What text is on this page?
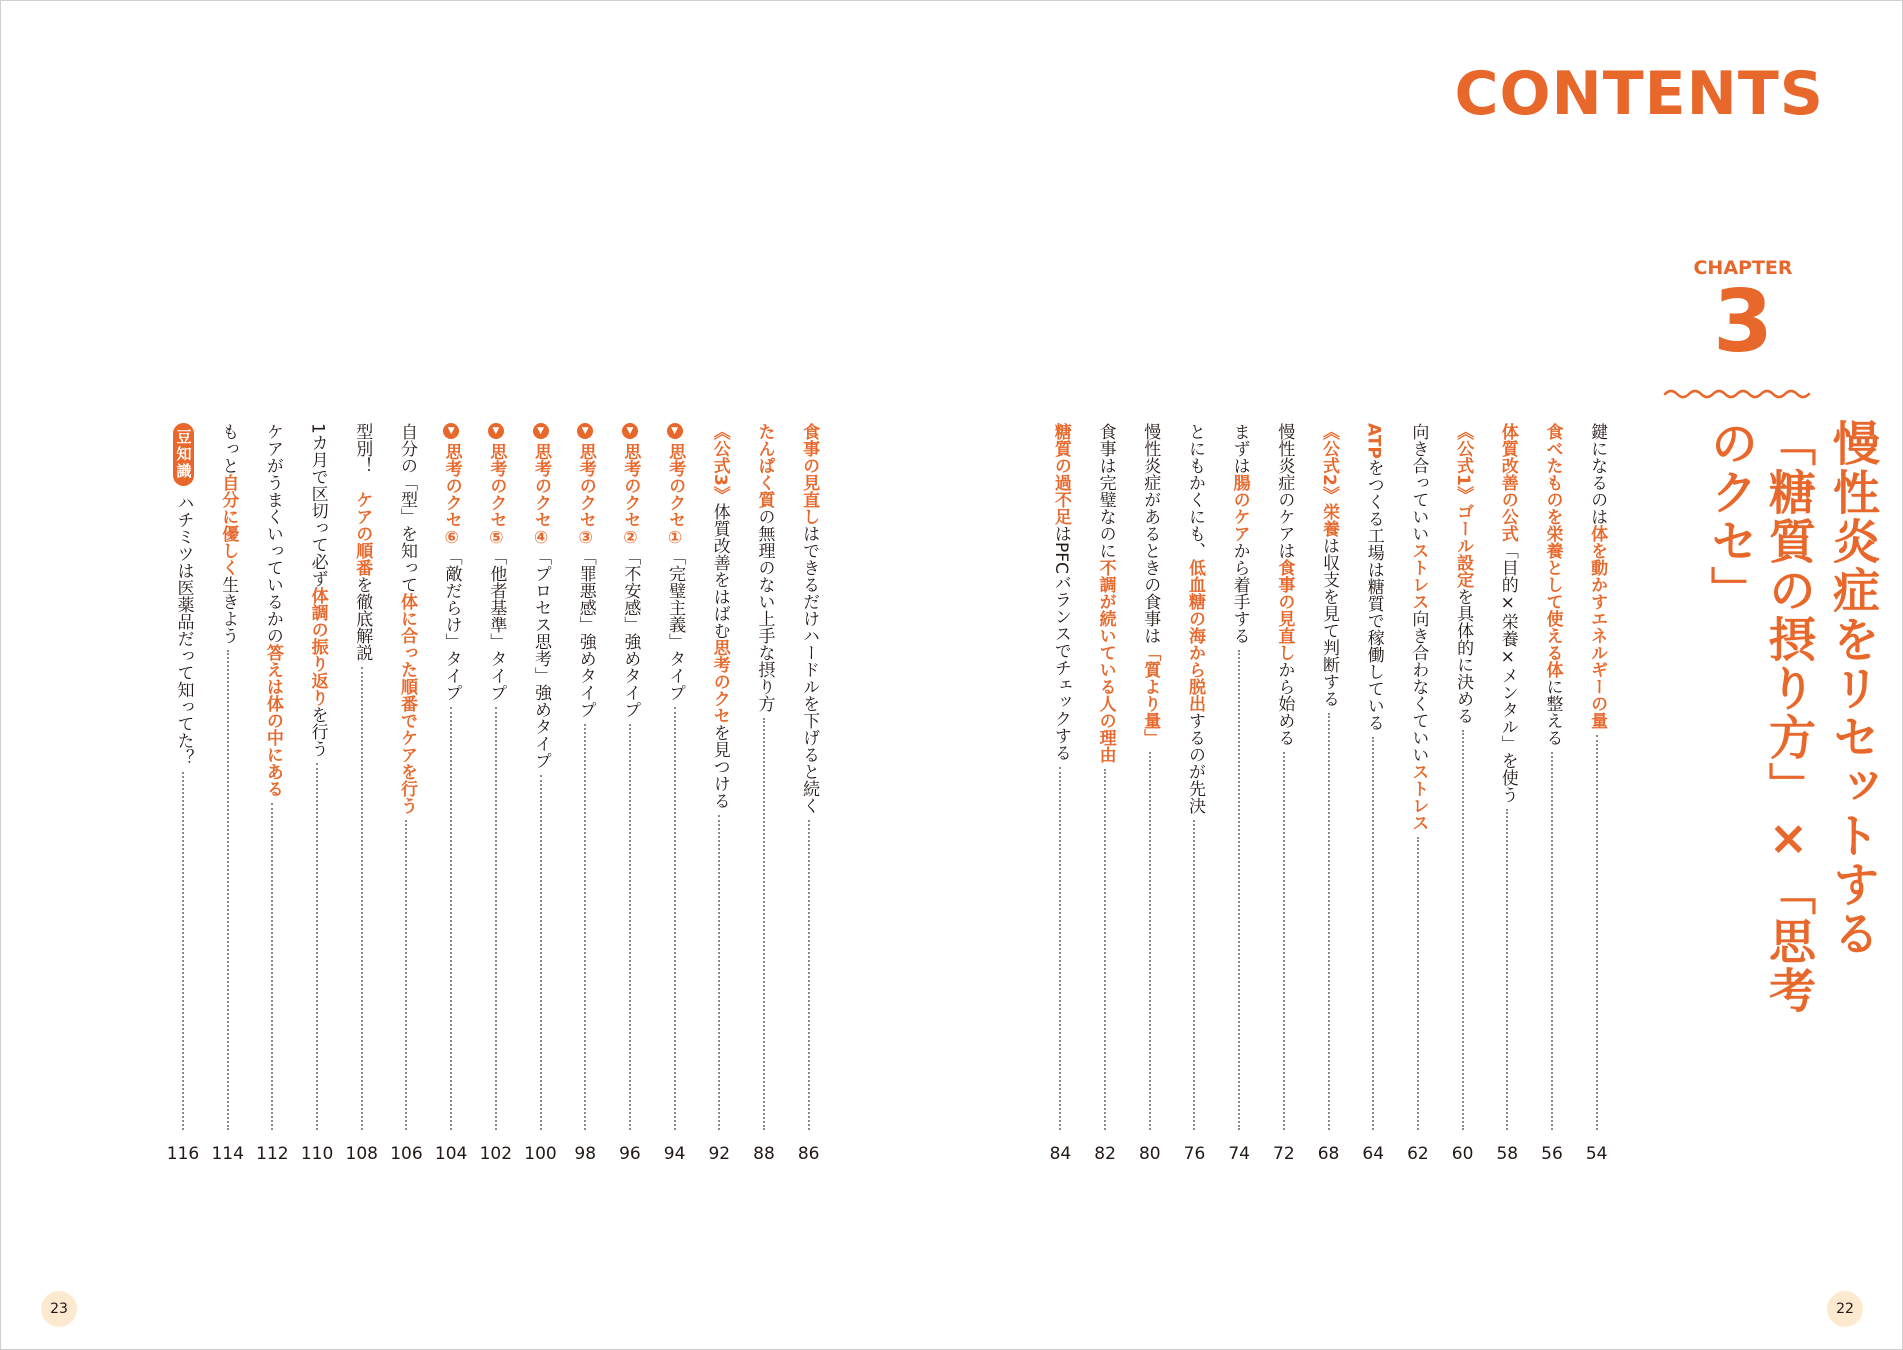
CONTENTS
CHAPTER
3
慢性炎症をリセットする
「糖質の摂り方」×「思考のクセ」
鍵になるのは
体を動かすエネルギーの量
54
食べたものを栄養として使える体
に整える
56
体質改善の公式
「目的×栄養×メンタル」を使う
58
《公式1》ゴール設定
を具体的に決める
60
向き合っていい
ストレス
向き合わなくていい
ストレス
62
ATP
をつくる工場は糖質で稼働している
64
《公式2》栄養
は収支を見て判断する
68
慢性炎症のケアは
食事の見直し
から始める
72
まずは
腸のケア
から着手する
74
とにもかくにも、
低血糖の海から脱出
するのが先決
76
慢性炎症があるときの食事は
「質より量」
80
食事は完璧なのに
不調が続いている人の理由
82
糖質の過不足
はPFCバランスでチェックする
84
食事の見直し
はできるだけハードルを下げると続く
86
たんぱく質
の無理のない上手な摂り方
88
《公式3》
体質改善をはばむ
思考のクセ
を見つける
92
▼
思考のクセ①
「完璧主義」タイプ
94
▼
思考のクセ②
「不安感」強めタイプ
96
▼
思考のクセ③
「罪悪感」強めタイプ
98
▼
思考のクセ④
「プロセス思考」強めタイプ
100
▼
思考のクセ⑤
「他者基準」タイプ
102
▼
思考のクセ⑥
「敵だらけ」タイプ
104
自分の「型」を知って
体に合った順番でケアを行う
106
型別！　
ケアの順番
を徹底解説
108
1カ月で区切って必ず
体調の振り返り
を行う
110
ケアがうまくいっているかの
答えは体の中にある
112
もっと
自分に優しく
生きよう
114
豆知識
ハチミツは医薬品だって知ってた？
116
23	22
